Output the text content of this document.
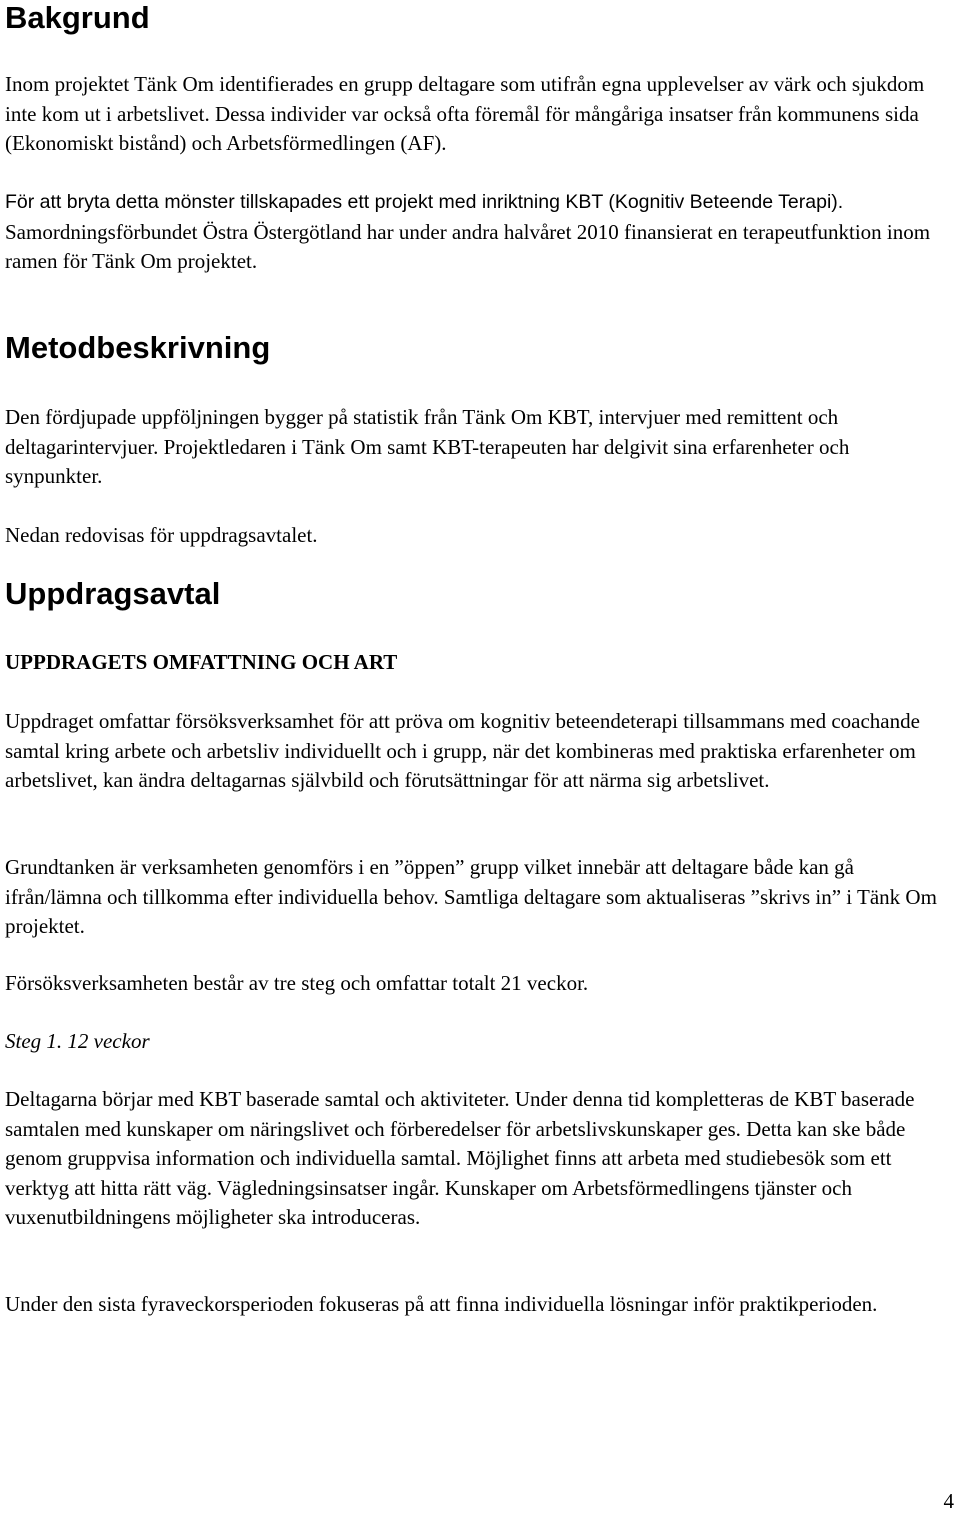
Bakgrund

Inom projektet Tänk Om identifierades en grupp deltagare som utifrån egna upplevelser av värk och sjukdom inte kom ut i arbetslivet. Dessa individer var också ofta föremål för mångåriga insatser från kommunens sida (Ekonomiskt bistånd) och Arbetsförmedlingen (AF).

För att bryta detta mönster tillskapades ett projekt med inriktning KBT (Kognitiv Beteende Terapi). Samordningsförbundet Östra Östergötland har under andra halvåret 2010 finansierat en terapeutfunktion inom ramen för Tänk Om projektet.

Metodbeskrivning

Den fördjupade uppföljningen bygger på statistik från Tänk Om KBT, intervjuer med remittent och deltagarintervjuer. Projektledaren i Tänk Om samt KBT-terapeuten har delgivit sina erfarenheter och synpunkter.

Nedan redovisas för uppdragsavtalet.

Uppdragsavtal
UPPDRAGETS OMFATTNING OCH ART

Uppdraget omfattar försöksverksamhet för att pröva om kognitiv beteendeterapi tillsammans med coachande samtal kring arbete och arbetsliv individuellt och i grupp, när det kombineras med praktiska erfarenheter om arbetslivet, kan ändra deltagarnas självbild och förutsättningar för att närma sig arbetslivet.

Grundtanken är verksamheten genomförs i en ”öppen” grupp vilket innebär att deltagare både kan gå ifrån/lämna och tillkomma efter individuella behov. Samtliga deltagare som aktualiseras ”skrivs in” i Tänk Om projektet.

Försöksverksamheten består av tre steg och omfattar totalt 21 veckor.

Steg 1. 12 veckor

Deltagarna börjar med KBT baserade samtal och aktiviteter. Under denna tid kompletteras de KBT baserade samtalen med kunskaper om näringslivet och förberedelser för arbetslivskunskaper ges. Detta kan ske både genom gruppvisa information och individuella samtal. Möjlighet finns att arbeta med studiebesök som ett verktyg att hitta rätt väg. Vägledningsinsatser ingår. Kunskaper om Arbetsförmedlingens tjänster och vuxenutbildningens möjligheter ska introduceras.

Under den sista fyraveckorsperioden fokuseras på att finna individuella lösningar inför praktikperioden.

4
